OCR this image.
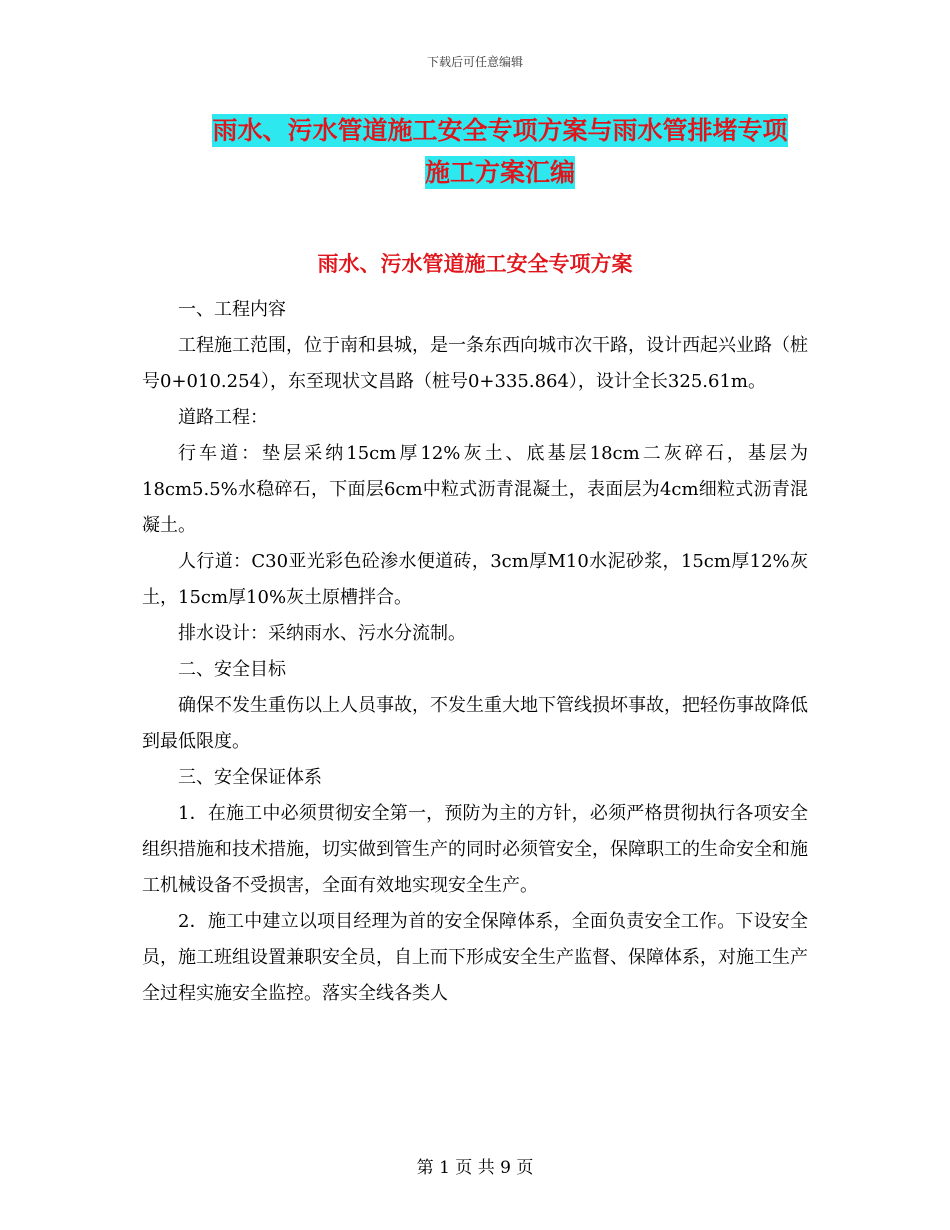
下载后可任意编辑
雨水、污水管道施工安全专项方案与雨水管排堵专项
施工方案汇编
雨水、污水管道施工安全专项方案

一、工程内容

工程施工范围，位于南和县城，是一条东西向城市次干路，设计西起兴业路（桩号0+010.254），东至现状文昌路（桩号0+335.864），设计全长325.61m。

道路工程：

行车道：垫层采纳15cm厚12%灰土、底基层18cm二灰碎石，基层为18cm5.5%水稳碎石，下面层6cm中粒式沥青混凝土，表面层为4cm细粒式沥青混凝土。

人行道：C30亚光彩色砼渗水便道砖，3cm厚M10水泥砂浆，15cm厚12%灰土，15cm厚10%灰土原槽拌合。

排水设计：采纳雨水、污水分流制。

二、安全目标

确保不发生重伤以上人员事故，不发生重大地下管线损坏事故，把轻伤事故降低到最低限度。

三、安全保证体系

1．在施工中必须贯彻安全第一，预防为主的方针，必须严格贯彻执行各项安全组织措施和技术措施，切实做到管生产的同时必须管安全，保障职工的生命安全和施工机械设备不受损害，全面有效地实现安全生产。

2．施工中建立以项目经理为首的安全保障体系，全面负责安全工作。下设安全员，施工班组设置兼职安全员，自上而下形成安全生产监督、保障体系，对施工生产全过程实施安全监控。落实全线各类人

第 1 页 共 9 页
